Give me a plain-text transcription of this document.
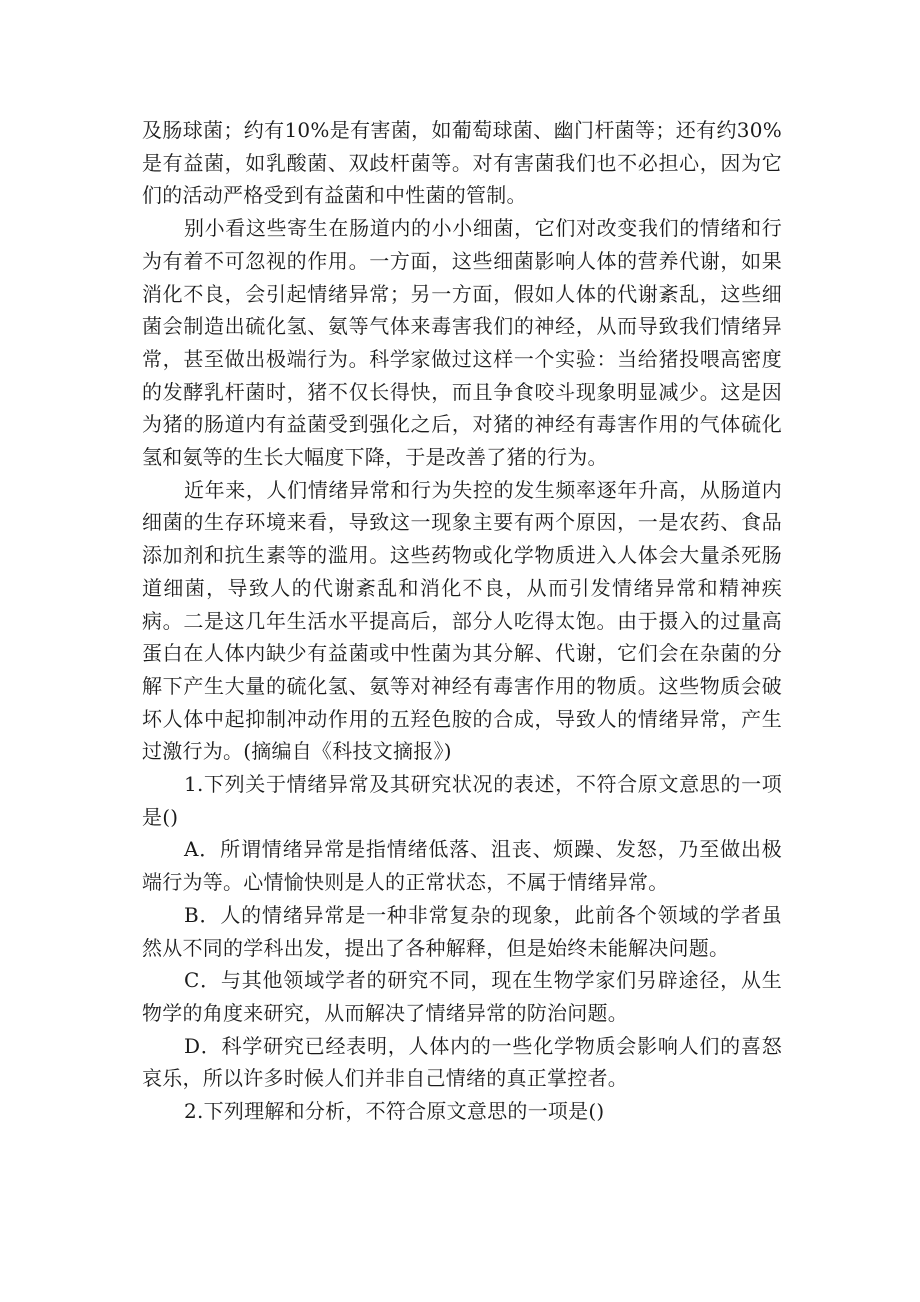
及肠球菌；约有10%是有害菌，如葡萄球菌、幽门杆菌等；还有约30%是有益菌，如乳酸菌、双歧杆菌等。对有害菌我们也不必担心，因为它们的活动严格受到有益菌和中性菌的管制。

别小看这些寄生在肠道内的小小细菌，它们对改变我们的情绪和行为有着不可忽视的作用。一方面，这些细菌影响人体的营养代谢，如果消化不良，会引起情绪异常；另一方面，假如人体的代谢紊乱，这些细菌会制造出硫化氢、氨等气体来毒害我们的神经，从而导致我们情绪异常，甚至做出极端行为。科学家做过这样一个实验：当给猪投喂高密度的发酵乳杆菌时，猪不仅长得快，而且争食咬斗现象明显减少。这是因为猪的肠道内有益菌受到强化之后，对猪的神经有毒害作用的气体硫化氢和氨等的生长大幅度下降，于是改善了猪的行为。

近年来，人们情绪异常和行为失控的发生频率逐年升高，从肠道内细菌的生存环境来看，导致这一现象主要有两个原因，一是农药、食品添加剂和抗生素等的滥用。这些药物或化学物质进入人体会大量杀死肠道细菌，导致人的代谢紊乱和消化不良，从而引发情绪异常和精神疾病。二是这几年生活水平提高后，部分人吃得太饱。由于摄入的过量高蛋白在人体内缺少有益菌或中性菌为其分解、代谢，它们会在杂菌的分解下产生大量的硫化氢、氨等对神经有毒害作用的物质。这些物质会破坏人体中起抑制冲动作用的五羟色胺的合成，导致人的情绪异常，产生过激行为。(摘编自《科技文摘报》)

1.下列关于情绪异常及其研究状况的表述，不符合原文意思的一项是()

A．所谓情绪异常是指情绪低落、沮丧、烦躁、发怒，乃至做出极端行为等。心情愉快则是人的正常状态，不属于情绪异常。

B．人的情绪异常是一种非常复杂的现象，此前各个领域的学者虽然从不同的学科出发，提出了各种解释，但是始终未能解决问题。

C．与其他领域学者的研究不同，现在生物学家们另辟途径，从生物学的角度来研究，从而解决了情绪异常的防治问题。

D．科学研究已经表明，人体内的一些化学物质会影响人们的喜怒哀乐，所以许多时候人们并非自己情绪的真正掌控者。

2.下列理解和分析，不符合原文意思的一项是()
